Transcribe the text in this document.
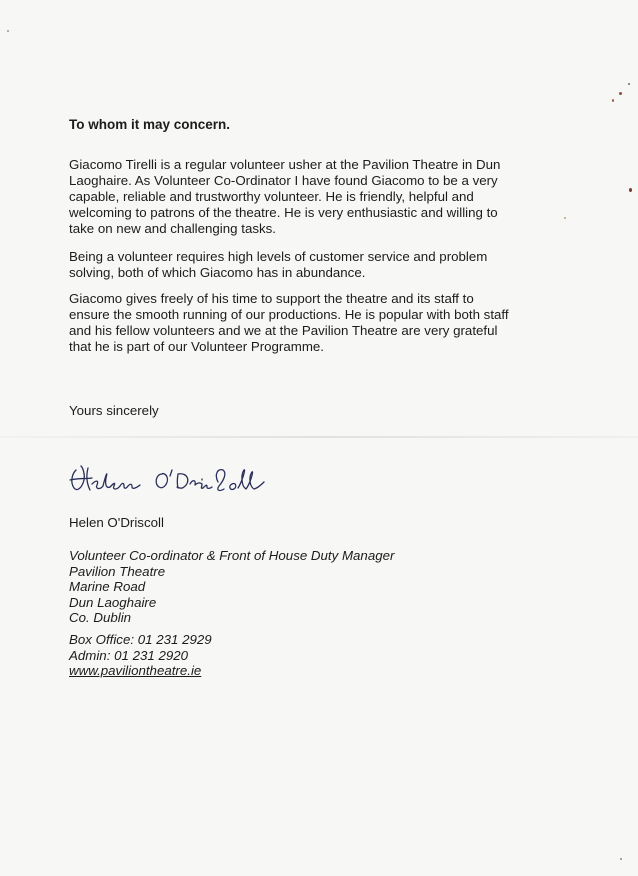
To whom it may concern.

Giacomo Tirelli is a regular volunteer usher at the Pavilion Theatre in Dun Laoghaire. As Volunteer Co-Ordinator I have found Giacomo to be a very capable, reliable and trustworthy volunteer. He is friendly, helpful and welcoming to patrons of the theatre. He is very enthusiastic and willing to take on new and challenging tasks.

Being a volunteer requires high levels of customer service and problem solving, both of which Giacomo has in abundance.

Giacomo gives freely of his time to support the theatre and its staff to ensure the smooth running of our productions. He is popular with both staff and his fellow volunteers and we at the Pavilion Theatre are very grateful that he is part of our Volunteer Programme.

Yours sincerely
Helen O'Driscoll
Volunteer Co-ordinator & Front of House Duty Manager
Pavilion Theatre
Marine Road
Dun Laoghaire
Co. Dublin
Box Office: 01 231 2929
Admin: 01 231 2920
www.paviliontheatre.ie
